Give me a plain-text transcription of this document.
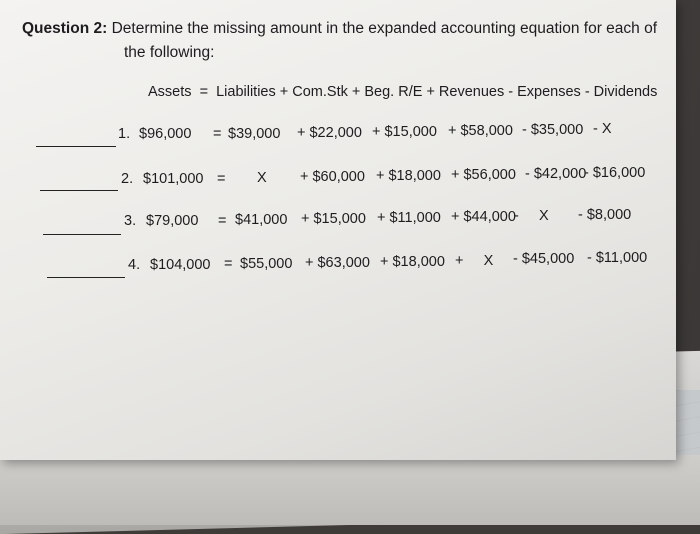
Question 2: Determine the missing amount in the expanded accounting equation for each of
the following:

Assets  =  Liabilities + Com.Stk + Beg. R/E + Revenues - Expenses - Dividends

1. $96,000 = $39,000 + $22,000 + $15,000 + $58,000 - $35,000 - X
2. $101,000 = X + $60,000 + $18,000 + $56,000 - $42,000
- $16,000
3. $79,000 = $41,000 + $15,000 + $11,000 + $44,000
-     X - $8,000
4. $104,000 = $55,000 + $63,000 + $18,000 +     X - $45,000 - $11,000
